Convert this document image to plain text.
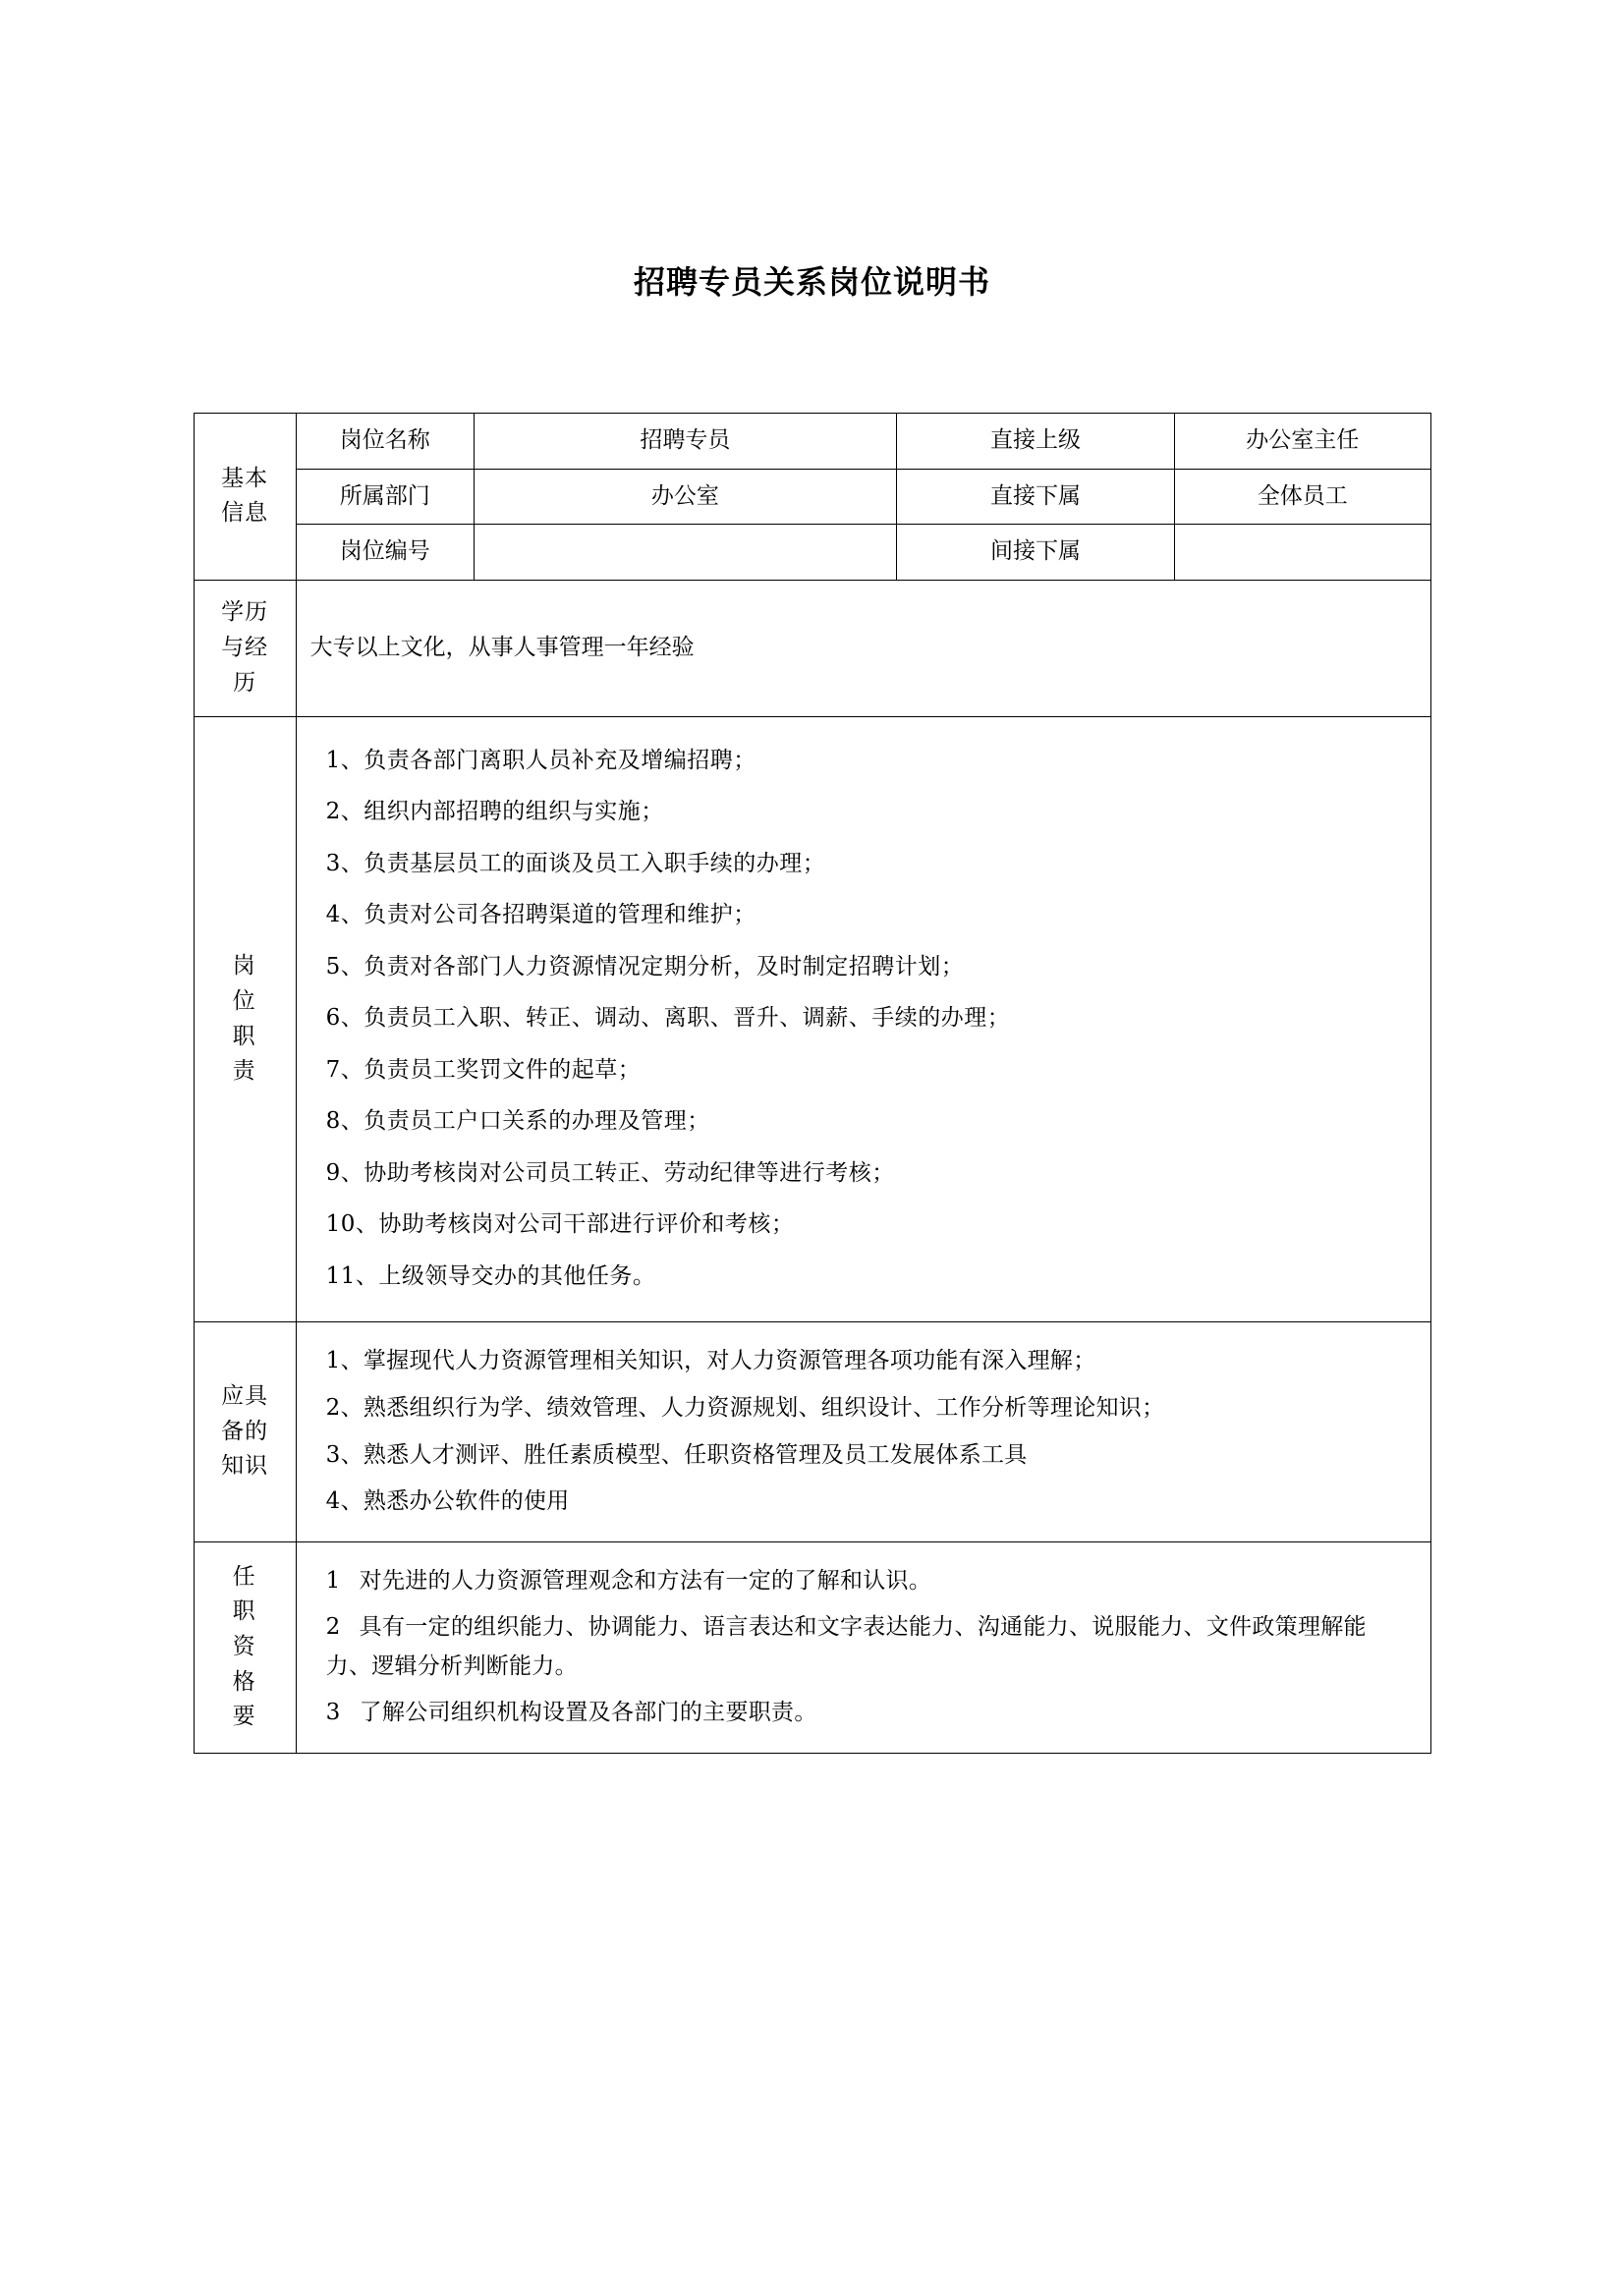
招聘专员关系岗位说明书
基本
信息	岗位名称	招聘专员	直接上级	办公室主任
	所属部门	办公室	直接下属	全体员工
	岗位编号		间接下属	

学历
与经
历	大专以上文化，从事人事管理一年经验			

岗
位
职
责

1、负责各部门离职人员补充及增编招聘；
2、组织内部招聘的组织与实施；
3、负责基层员工的面谈及员工入职手续的办理；
4、负责对公司各招聘渠道的管理和维护；
5、负责对各部门人力资源情况定期分析，及时制定招聘计划；
6、负责员工入职、转正、调动、离职、晋升、调薪、手续的办理；
7、负责员工奖罚文件的起草；
8、负责员工户口关系的办理及管理；
9、协助考核岗对公司员工转正、劳动纪律等进行考核；
10、协助考核岗对公司干部进行评价和考核；
11、上级领导交办的其他任务。

应具
备的
知识

1、掌握现代人力资源管理相关知识，对人力资源管理各项功能有深入理解；
2、熟悉组织行为学、绩效管理、人力资源规划、组织设计、工作分析等理论知识；
3、熟悉人才测评、胜任素质模型、任职资格管理及员工发展体系工具
4、熟悉办公软件的使用

任
职
资
格
要

1 对先进的人力资源管理观念和方法有一定的了解和认识。
2 具有一定的组织能力、协调能力、语言表达和文字表达能力、沟通能力、说服能力、文件政策理解能力、逻辑分析判断能力。
3 了解公司组织机构设置及各部门的主要职责。
